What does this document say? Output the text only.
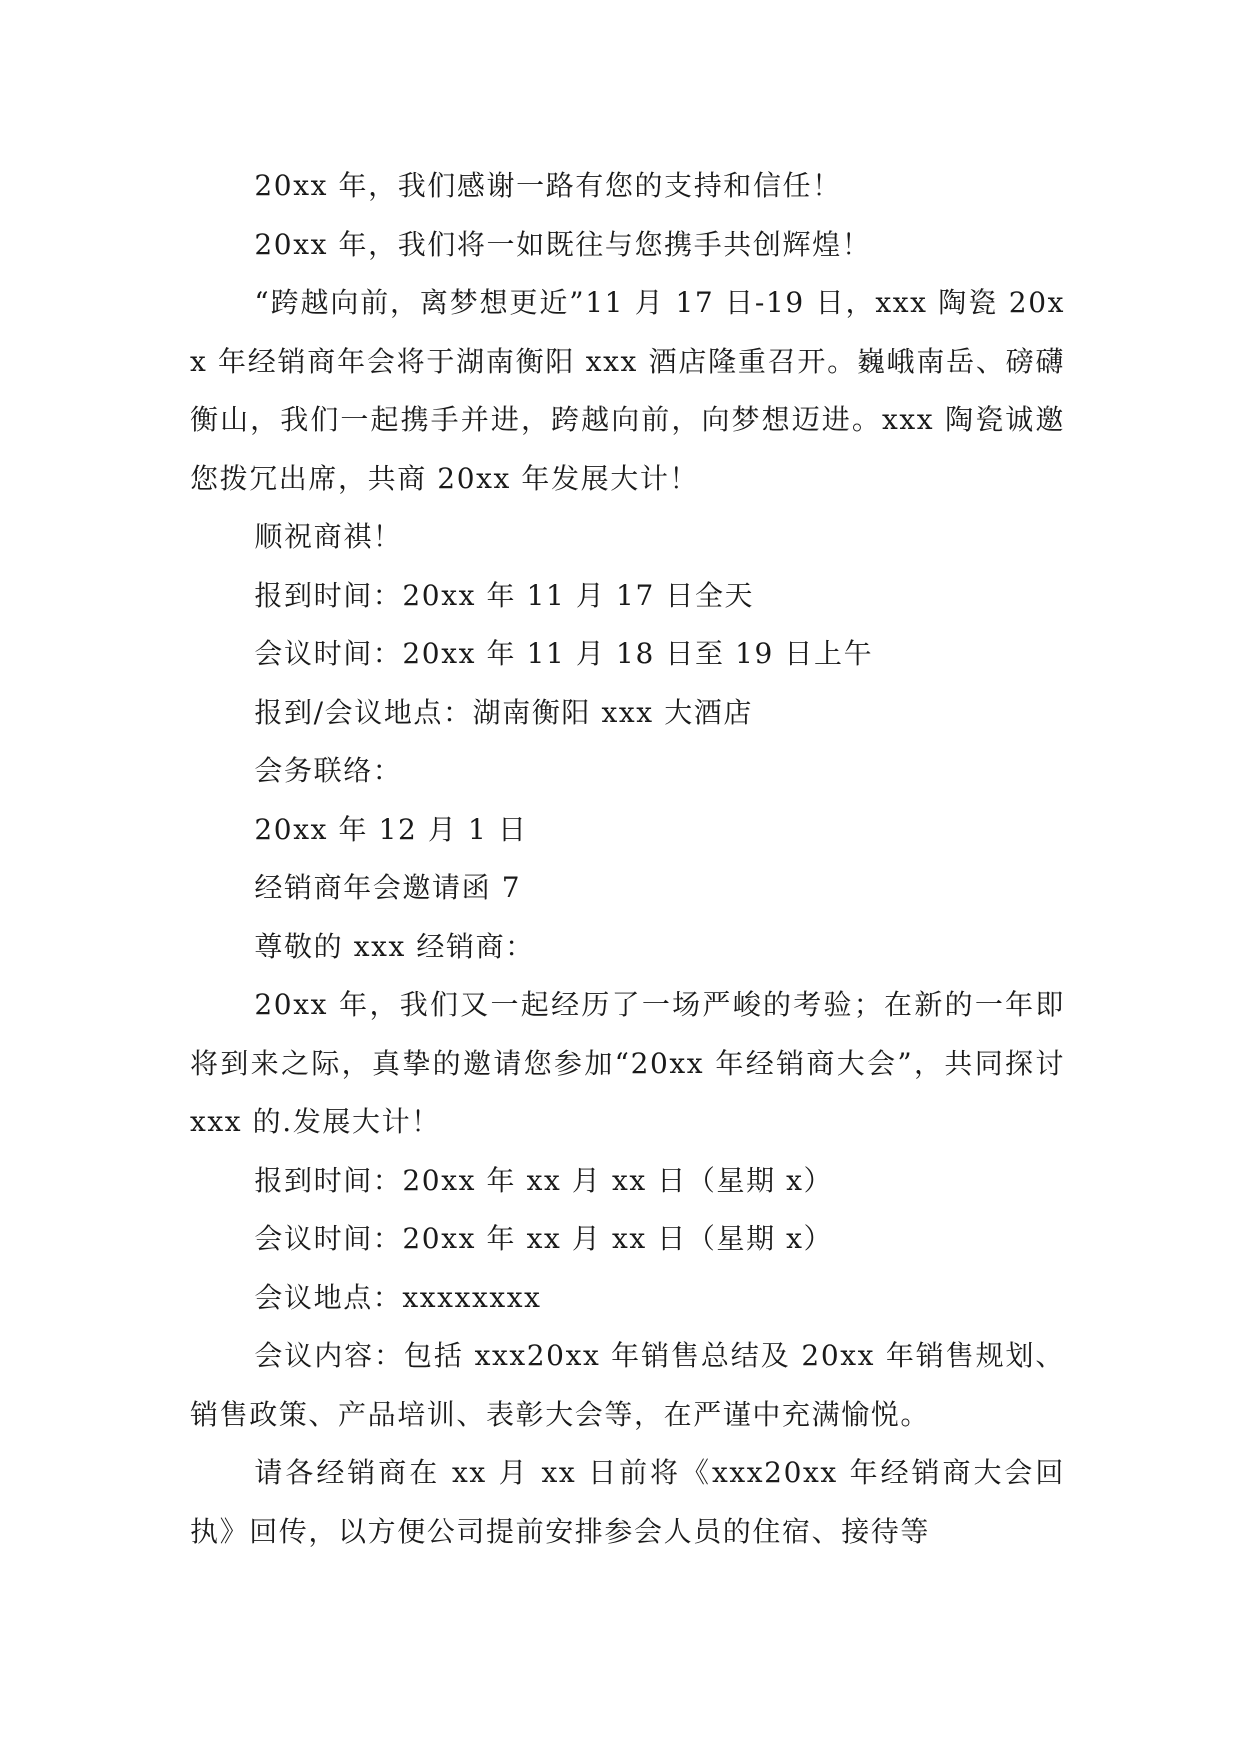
20xx 年，我们感谢一路有您的支持和信任！

20xx 年，我们将一如既往与您携手共创辉煌！

“跨越向前，离梦想更近”11 月 17 日-19 日，xxx 陶瓷 20xx 年经销商年会将于湖南衡阳 xxx 酒店隆重召开。巍峨南岳、磅礴衡山，我们一起携手并进，跨越向前，向梦想迈进。xxx 陶瓷诚邀您拨冗出席，共商 20xx 年发展大计！

顺祝商祺！

报到时间：20xx 年 11 月 17 日全天

会议时间：20xx 年 11 月 18 日至 19 日上午

报到/会议地点：湖南衡阳 xxx 大酒店

会务联络：

20xx 年 12 月 1 日

经销商年会邀请函 7

尊敬的 xxx 经销商：

20xx 年，我们又一起经历了一场严峻的考验；在新的一年即将到来之际，真挚的邀请您参加“20xx 年经销商大会”，共同探讨 xxx 的.发展大计！

报到时间：20xx 年 xx 月 xx 日（星期 x）

会议时间：20xx 年 xx 月 xx 日（星期 x）

会议地点：xxxxxxxx

会议内容：包括 xxx20xx 年销售总结及 20xx 年销售规划、销售政策、产品培训、表彰大会等，在严谨中充满愉悦。

请各经销商在 xx 月 xx 日前将《xxx20xx 年经销商大会回执》回传，以方便公司提前安排参会人员的住宿、接待等
